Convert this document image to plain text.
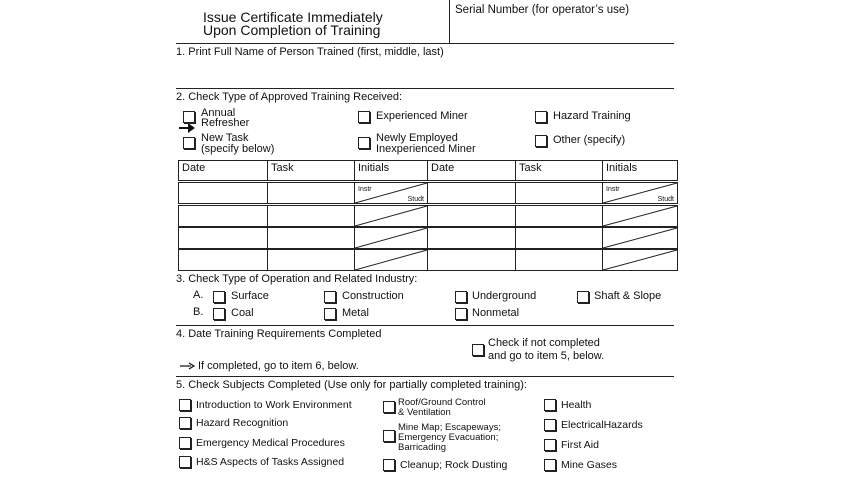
Issue Certificate Immediately
Upon Completion of Training
Serial Number (for operator’s use)
1. Print Full Name of Person Trained (first, middle, last)
2. Check Type of Approved Training Received:
Annual
Refresher
New Task
(specify below)
Experienced Miner
Newly Employed
Inexperienced Miner
Hazard Training
Other (specify)
Date	Task	Initials	Date	Task	Initials
Instr
Studt
Instr
Studt
3. Check Type of Operation and Related Industry:
A.
B.
Surface
Coal
Construction
Metal
Underground
Nonmetal
Shaft & Slope
4. Date Training Requirements Completed
Check if not completed
and go to item 5, below.
If completed, go to item 6, below.
5. Check Subjects Completed (Use only for partially completed training):
Introduction to Work Environment
Hazard Recognition
Emergency Medical Procedures
H&S Aspects of Tasks Assigned
Roof/Ground Control
& Ventilation
Mine Map; Escapeways;
Emergency Evacuation;
Barricading
Cleanup; Rock Dusting
Health
ElectricalHazards
First Aid
Mine Gases
